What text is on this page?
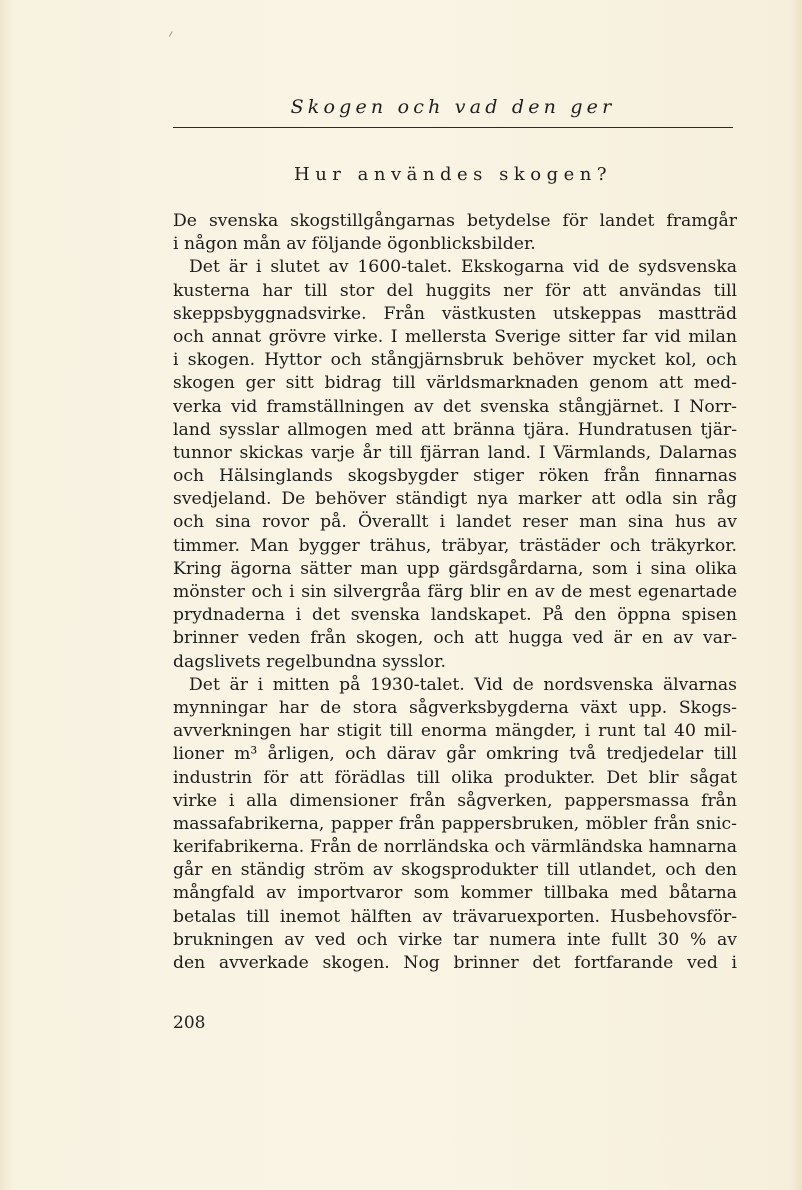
Skogen och vad den ger
Hur användes skogen?
De svenska skogstillgångarnas betydelse för landet framgår
i någon mån av följande ögonblicksbilder.
Det är i slutet av 1600-talet. Ekskogarna vid de sydsvenska
kusterna har till stor del huggits ner för att användas till
skeppsbyggnadsvirke. Från västkusten utskeppas mastträd
och annat grövre virke. I mellersta Sverige sitter far vid milan
i skogen. Hyttor och stångjärnsbruk behöver mycket kol, och
skogen ger sitt bidrag till världsmarknaden genom att med-
verka vid framställningen av det svenska stångjärnet. I Norr-
land sysslar allmogen med att bränna tjära. Hundratusen tjär-
tunnor skickas varje år till fjärran land. I Värmlands, Dalarnas
och Hälsinglands skogsbygder stiger röken från finnarnas
svedjeland. De behöver ständigt nya marker att odla sin råg
och sina rovor på. Överallt i landet reser man sina hus av
timmer. Man bygger trähus, träbyar, trästäder och träkyrkor.
Kring ägorna sätter man upp gärdsgårdarna, som i sina olika
mönster och i sin silvergråa färg blir en av de mest egenartade
prydnaderna i det svenska landskapet. På den öppna spisen
brinner veden från skogen, och att hugga ved är en av var-
dagslivets regelbundna sysslor.
Det är i mitten på 1930-talet. Vid de nordsvenska älvarnas
mynningar har de stora sågverksbygderna växt upp. Skogs-
avverkningen har stigit till enorma mängder, i runt tal 40 mil-
lioner m³ årligen, och därav går omkring två tredjedelar till
industrin för att förädlas till olika produkter. Det blir sågat
virke i alla dimensioner från sågverken, pappersmassa från
massafabrikerna, papper från pappersbruken, möbler från snic-
kerifabrikerna. Från de norrländska och värmländska hamnarna
går en ständig ström av skogsprodukter till utlandet, och den
mångfald av importvaror som kommer tillbaka med båtarna
betalas till inemot hälften av trävaruexporten. Husbehovsför-
brukningen av ved och virke tar numera inte fullt 30 % av
den avverkade skogen. Nog brinner det fortfarande ved i
208
